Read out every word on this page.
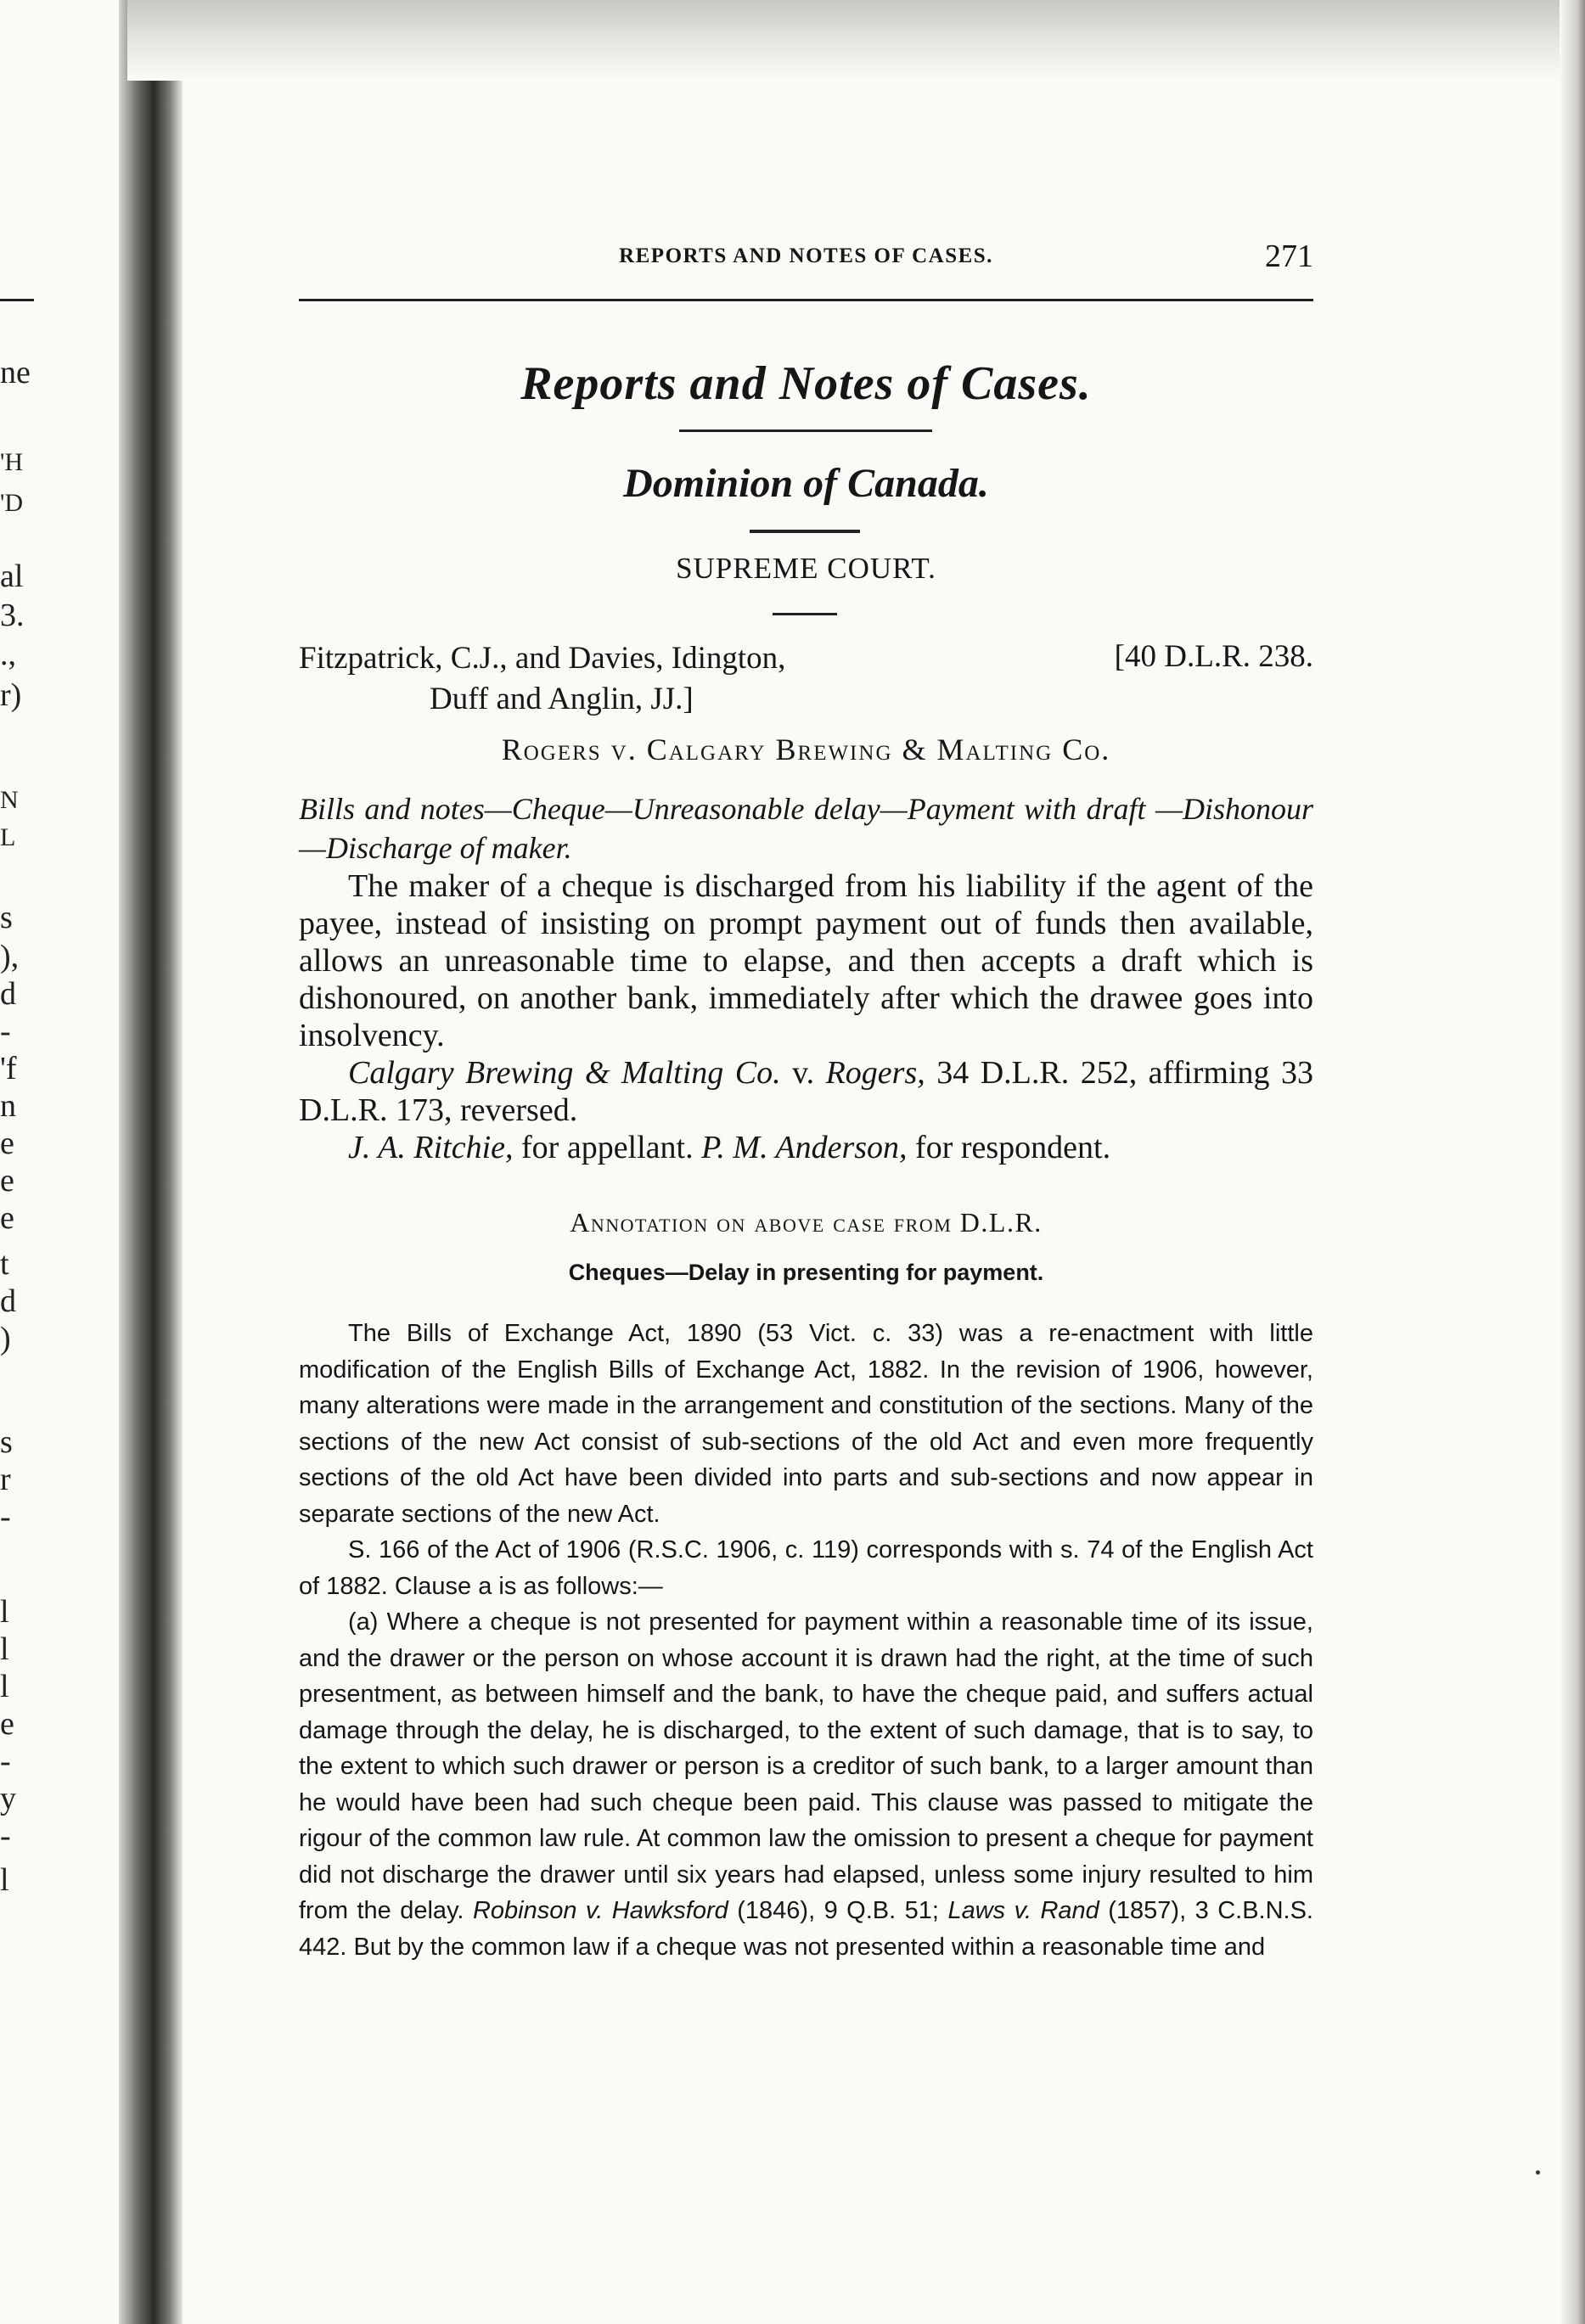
ne
'H
'D
al
3.
.,
r)
N
L
s
),
d
-
'f
n
e
e
e
t
d
)
s
r
-
l
l
l
e
-
y
-
l
REPORTS AND NOTES OF CASES.	271
Reports and Notes of Cases.
Dominion of Canada.
SUPREME COURT.
Fitzpatrick, C.J., and Davies, Idington,
Duff and Anglin, JJ.]
[40 D.L.R. 238.
Rogers v. Calgary Brewing & Malting Co.
Bills and notes—Cheque—Unreasonable delay—Payment with draft —Dishonour—Discharge of maker.

The maker of a cheque is discharged from his liability if the agent of the payee, instead of insisting on prompt payment out of funds then available, allows an unreasonable time to elapse, and then accepts a draft which is dishonoured, on another bank, immediately after which the drawee goes into insolvency.

Calgary Brewing & Malting Co. v. Rogers, 34 D.L.R. 252, affirming 33 D.L.R. 173, reversed.

J. A. Ritchie, for appellant. P. M. Anderson, for respondent.

Annotation on above case from D.L.R.
Cheques—Delay in presenting for payment.

The Bills of Exchange Act, 1890 (53 Vict. c. 33) was a re-enactment with little modification of the English Bills of Exchange Act, 1882. In the revision of 1906, however, many alterations were made in the arrangement and constitution of the sections. Many of the sections of the new Act consist of sub-sections of the old Act and even more frequently sections of the old Act have been divided into parts and sub-sections and now appear in separate sections of the new Act.

S. 166 of the Act of 1906 (R.S.C. 1906, c. 119) corresponds with s. 74 of the English Act of 1882. Clause a is as follows:—

(a) Where a cheque is not presented for payment within a reasonable time of its issue, and the drawer or the person on whose account it is drawn had the right, at the time of such presentment, as between himself and the bank, to have the cheque paid, and suffers actual damage through the delay, he is discharged, to the extent of such damage, that is to say, to the extent to which such drawer or person is a creditor of such bank, to a larger amount than he would have been had such cheque been paid. This clause was passed to mitigate the rigour of the common law rule. At common law the omission to present a cheque for payment did not discharge the drawer until six years had elapsed, unless some injury resulted to him from the delay. Robinson v. Hawksford (1846), 9 Q.B. 51; Laws v. Rand (1857), 3 C.B.N.S. 442. But by the common law if a cheque was not presented within a reasonable time and
